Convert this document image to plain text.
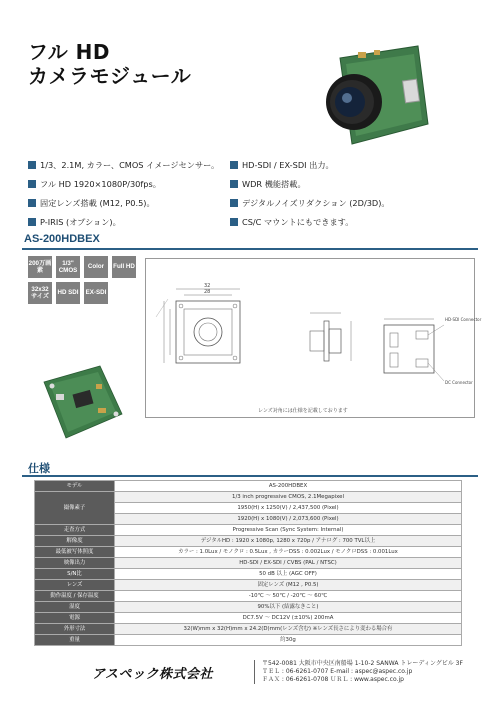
フル HD
カメラモジュール
1/3、2.1M, カラー、CMOS イメージセンサー。
フル HD 1920×1080P/30fps。
固定レンズ搭載 (M12, P0.5)。
P-IRIS (オプション)。
HD-SDI / EX-SDI 出力。
WDR 機能搭載。
デジタルノイズリダクション (2D/3D)。
CS/C マウントにもできます。
AS-200HDBEX
200万画素
1/3" CMOS
Color	Full HD
32x32 サイズ
HD SDI EX-SDI
32
28
HD-SDI Connector
DC Connector
レンズ対角には仕様を記載しております
仕様
モデル	AS-200HDBEX
撮像素子	1/3 inch progressive CMOS, 2.1Megapixel
	1950(H) x 1250(V) / 2,437,500 (Pixel)
	1920(H) x 1080(V) / 2,073,600 (Pixel)
走査方式	Progressive Scan (Sync System: Internal)
解像度	デジタルHD : 1920 x 1080p, 1280 x 720p / アナログ : 700 TVL以上
最低被写体照度	カラー : 1.0Lux / モノクロ : 0.5Lux , カラーDSS : 0.002Lux / モノクロDSS : 0.001Lux
映像出力	HD-SDI / EX-SDI / CVBS (PAL / NTSC)
S/N比	50 dB 以上 (AGC OFF)
レンズ	固定レンズ (M12 , P0.5)
動作温度 / 保存温度	-10℃ ～ 50℃ / -20℃ ～ 60℃
湿度	90%以下 (結露なきこと)
電源	DC7.5V ～ DC12V (±10%) 200mA
外形寸法	32(W)mm x 32(H)mm x 24.2(D)mm(レンズ含む) ※レンズ長さにより変わる場合有
重量	約30g
アスペック株式会社
〒542-0081 大阪市中央区南船場 1-10-2 SANWA トレーディングビル 3F
ＴＥＬ : 06-6261-0707 E-mail : aspec@aspec.co.jp
ＦＡＸ : 06-6261-0708 ＵＲＬ : www.aspec.co.jp
